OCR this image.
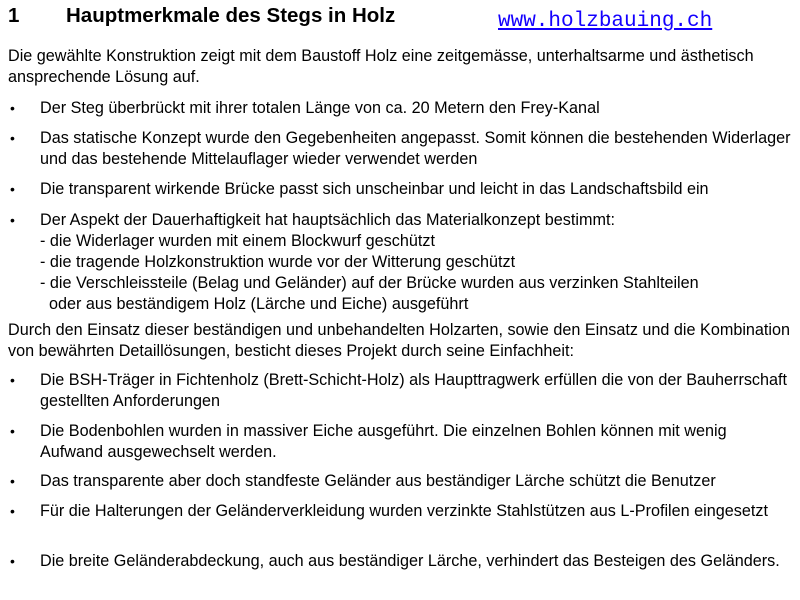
1 Hauptmerkmale des Stegs in Holz	www.holzbauing.ch
Die gewählte Konstruktion zeigt mit dem Baustoff Holz eine zeitgemässe, unterhaltsarme und ästhetisch ansprechende Lösung auf.
• Der Steg überbrückt mit ihrer totalen Länge von ca. 20 Metern den Frey-Kanal
• Das statische Konzept wurde den Gegebenheiten angepasst. Somit können die bestehenden Widerlager und das bestehende Mittelauflager wieder verwendet werden
• Die transparent wirkende Brücke passt sich unscheinbar und leicht in das Landschaftsbild ein
• Der Aspekt der Dauerhaftigkeit hat hauptsächlich das Materialkonzept bestimmt:
- die Widerlager wurden mit einem Blockwurf geschützt
- die tragende Holzkonstruktion wurde vor der Witterung geschützt
- die Verschleissteile (Belag und Geländer) auf der Brücke wurden aus verzinken Stahlteilen
oder aus beständigem Holz (Lärche und Eiche) ausgeführt
Durch den Einsatz dieser beständigen und unbehandelten Holzarten, sowie den Einsatz und die Kombination von bewährten Detaillösungen, besticht dieses Projekt durch seine Einfachheit:
• Die BSH-Träger in Fichtenholz (Brett-Schicht-Holz) als Haupttragwerk erfüllen die von der Bauherrschaft gestellten Anforderungen
• Die Bodenbohlen wurden in massiver Eiche ausgeführt. Die einzelnen Bohlen können mit wenig Aufwand ausgewechselt werden.
• Das transparente aber doch standfeste Geländer aus beständiger Lärche schützt die Benutzer
• Für die Halterungen der Geländerverkleidung wurden verzinkte Stahlstützen aus L-Profilen eingesetzt
• Die breite Geländerabdeckung, auch aus beständiger Lärche, verhindert das Besteigen des Geländers.
